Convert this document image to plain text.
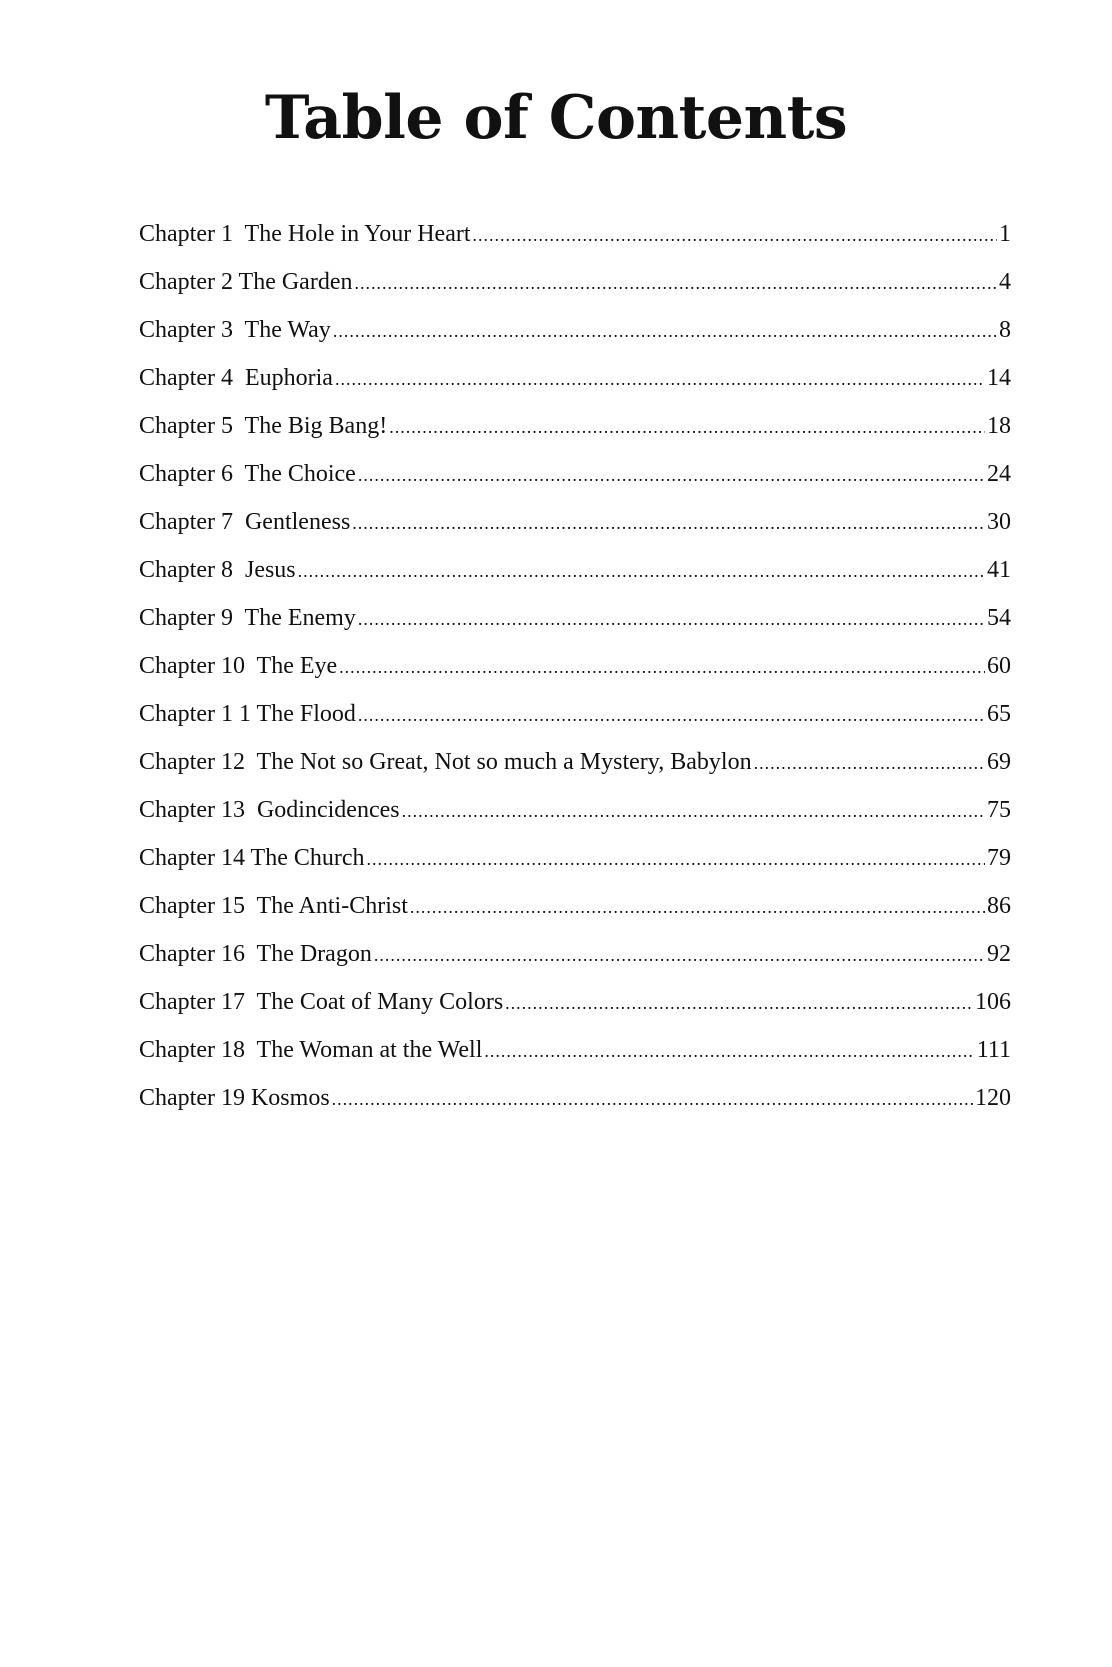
Table of Contents
Chapter 1  The Hole in Your Heart .....	1
Chapter 2 The Garden .....	4
Chapter 3  The Way .....	8
Chapter 4  Euphoria .....	14
Chapter 5  The Big Bang! .....	18
Chapter 6  The Choice .....	24
Chapter 7  Gentleness .....	30
Chapter 8  Jesus .....	41
Chapter 9  The Enemy .....	54
Chapter 10  The Eye .....	60
Chapter 1 1 The Flood .....	65
Chapter 12  The Not so Great, Not so much a Mystery, Babylon .....	69
Chapter 13  Godincidences .....	75
Chapter 14 The Church .....	79
Chapter 15  The Anti-Christ .....	86
Chapter 16  The Dragon .....	92
Chapter 17  The Coat of Many Colors .....	106
Chapter 18  The Woman at the Well .....	111
Chapter 19 Kosmos .....	120
